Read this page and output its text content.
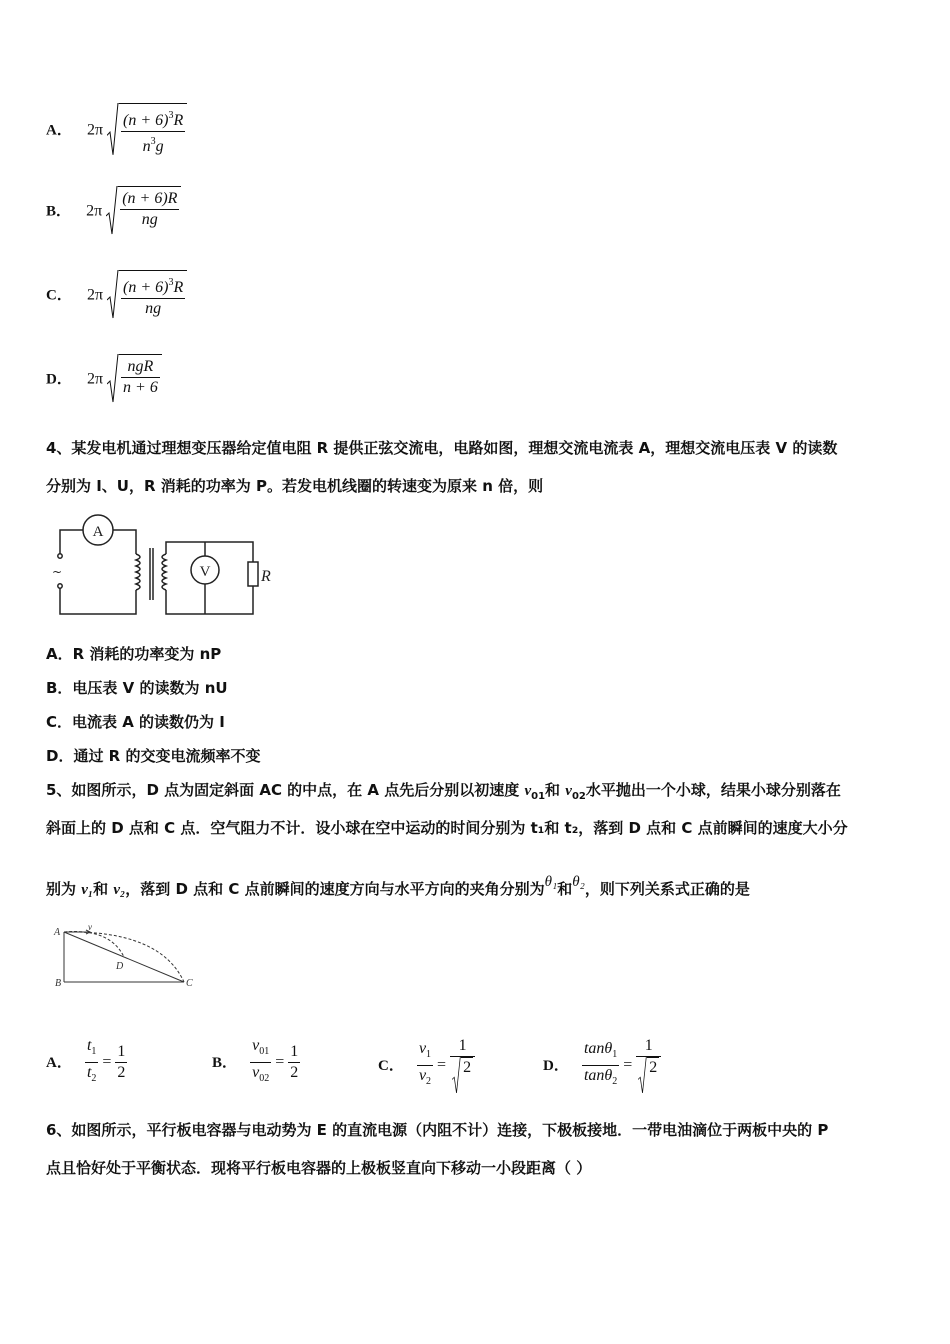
A． $2\pi \frac{(n + 6)^3R}{n^3g}$
B． $2\pi \frac{(n + 6)R}{ng}$
C． $2\pi \frac{(n + 6)^3R}{ng}$
D． $2\pi \frac{\text{ngR}}{n + 6}$
4、某发电机通过理想变压器给定值电阻 R 提供正弦交流电，电路如图，理想交流电流表 A，理想交流电压表 V 的读数
分别为 I、U，R 消耗的功率为 P。若发电机线圈的转速变为原来 n 倍，则
A
V	R
~
A．R 消耗的功率变为 nP
B．电压表 V 的读数为 nU
C．电流表 A 的读数仍为 I
D．通过 R 的交变电流频率不变
5、如图所示，D 点为固定斜面 AC 的中点，在 A 点先后分别以初速度 $v_{01}$和 $v_{02}$水平抛出一个小球，结果小球分别落在
斜面上的 D 点和 C 点．空气阻力不计．设小球在空中运动的时间分别为 t₁和 t₂，落到 D 点和 C 点前瞬间的速度大小分
别为 v₁和 v₂，落到 D 点和 C 点前瞬间的速度方向与水平方向的夹角分别为θ₁和θ₂，则下列关系式正确的是
A
B	C
D
v
A． $\frac{t_1}{t_2} = \frac{1}{2}$	B． $\frac{v_{01}}{v_{02}} = \frac{1}{2}$	C． $\frac{v_1}{v_2} = \frac{1}{2}$	D． $\frac{\tan\theta_1}{\tan\theta_2} = \frac{1}{2}$
6、如图所示，平行板电容器与电动势为 E 的直流电源（内阻不计）连接，下极板接地．一带电油滴位于两板中央的 P
点且恰好处于平衡状态．现将平行板电容器的上极板竖直向下移动一小段距离（ ）
